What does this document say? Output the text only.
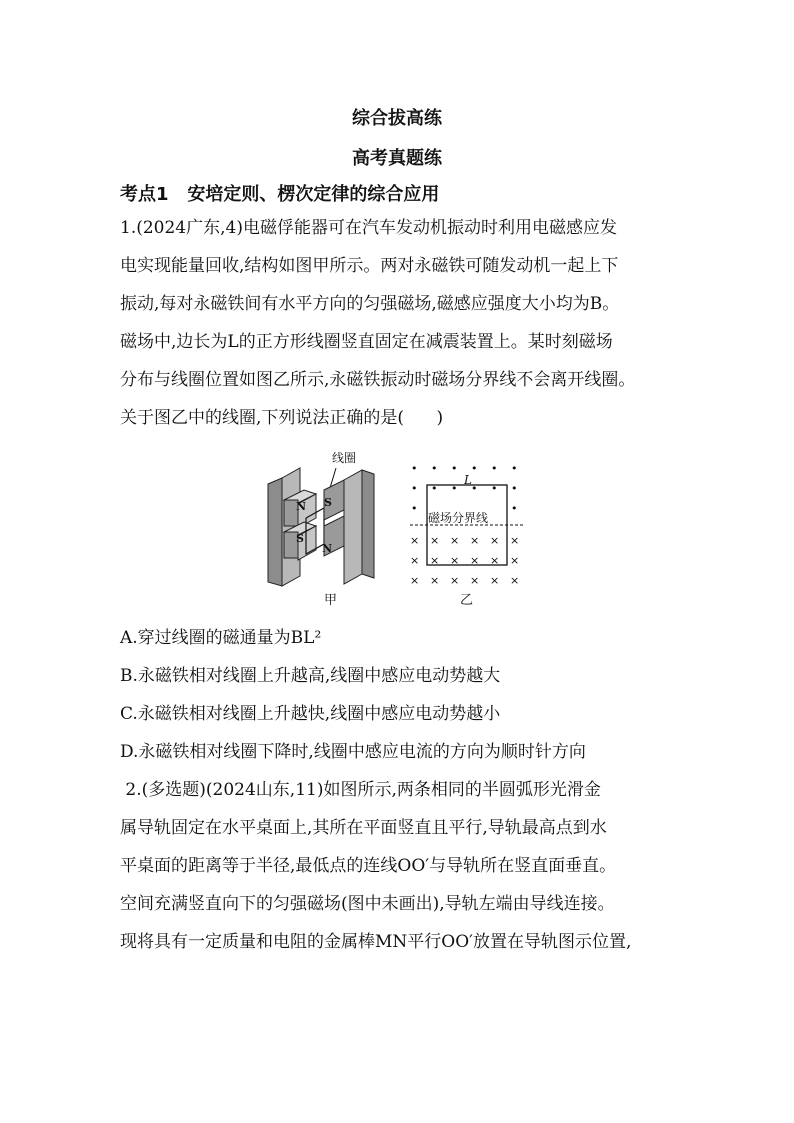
综合拔高练
高考真题练
考点1   安培定则、楞次定律的综合应用
1.(2024广东,4)电磁俘能器可在汽车发动机振动时利用电磁感应发
电实现能量回收,结构如图甲所示。两对永磁铁可随发动机一起上下
振动,每对永磁铁间有水平方向的匀强磁场,磁感应强度大小均为B。
磁场中,边长为L的正方形线圈竖直固定在减震装置上。某时刻磁场
分布与线圈位置如图乙所示,永磁铁振动时磁场分界线不会离开线圈。
关于图乙中的线圈,下列说法正确的是(      )
N
S
线圈
S
N
甲
• • • • • •
• • • • • •
•	•
× × × × × ×
× × × × × ×
× × × × × ×
L
磁场分界线
乙
A.穿过线圈的磁通量为BL²
B.永磁铁相对线圈上升越高,线圈中感应电动势越大
C.永磁铁相对线圈上升越快,线圈中感应电动势越小
D.永磁铁相对线圈下降时,线圈中感应电流的方向为顺时针方向
2.(多选题)(2024山东,11)如图所示,两条相同的半圆弧形光滑金
属导轨固定在水平桌面上,其所在平面竖直且平行,导轨最高点到水
平桌面的距离等于半径,最低点的连线OO′与导轨所在竖直面垂直。
空间充满竖直向下的匀强磁场(图中未画出),导轨左端由导线连接。
现将具有一定质量和电阻的金属棒MN平行OO′放置在导轨图示位置,
